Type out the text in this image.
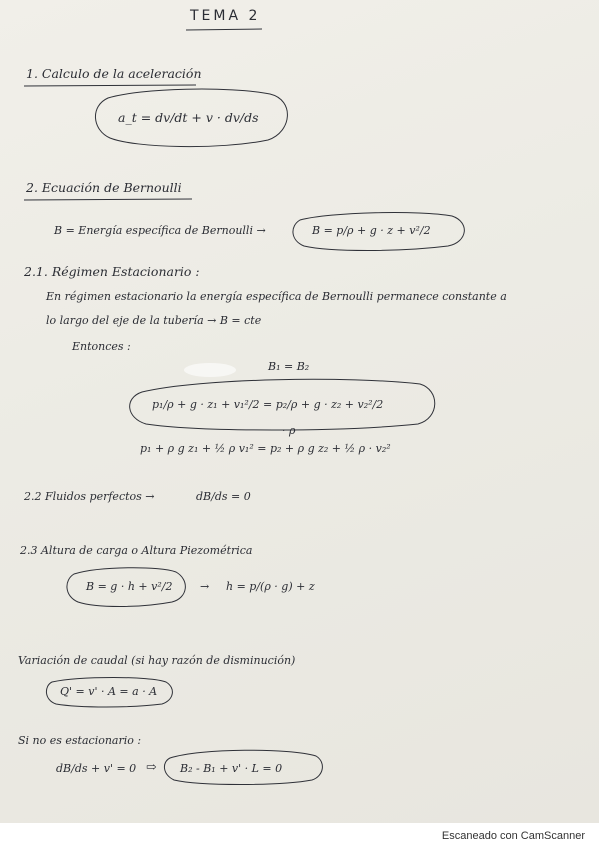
TEMA 2
1. Calculo de la aceleración
a_t = dv/dt + v · dv/ds
2. Ecuación de Bernoulli
B = Energía específica de Bernoulli →	B = p/ρ + g · z + v²/2
2.1. Régimen Estacionario :
En régimen estacionario la energía específica de Bernoulli permanece constante a
lo largo del eje de la tubería → B = cte
Entonces :
B₁ = B₂
p₁/ρ + g · z₁ + v₁²/2 = p₂/ρ + g · z₂ + v₂²/2
· ρ
p₁ + ρ g z₁ + ½ ρ v₁² = p₂ + ρ g z₂ + ½ ρ · v₂²
2.2 Fluidos perfectos →	dB/ds = 0
2.3 Altura de carga o Altura Piezométrica
B = g · h + v²/2	→ h = p/(ρ · g) + z
Variación de caudal (si hay razón de disminución)
Q' = v' · A = a · A
Si no es estacionario :
dB/ds + v' = 0 ⇨ B₂ - B₁ + v' · L = 0
Escaneado con CamScanner
